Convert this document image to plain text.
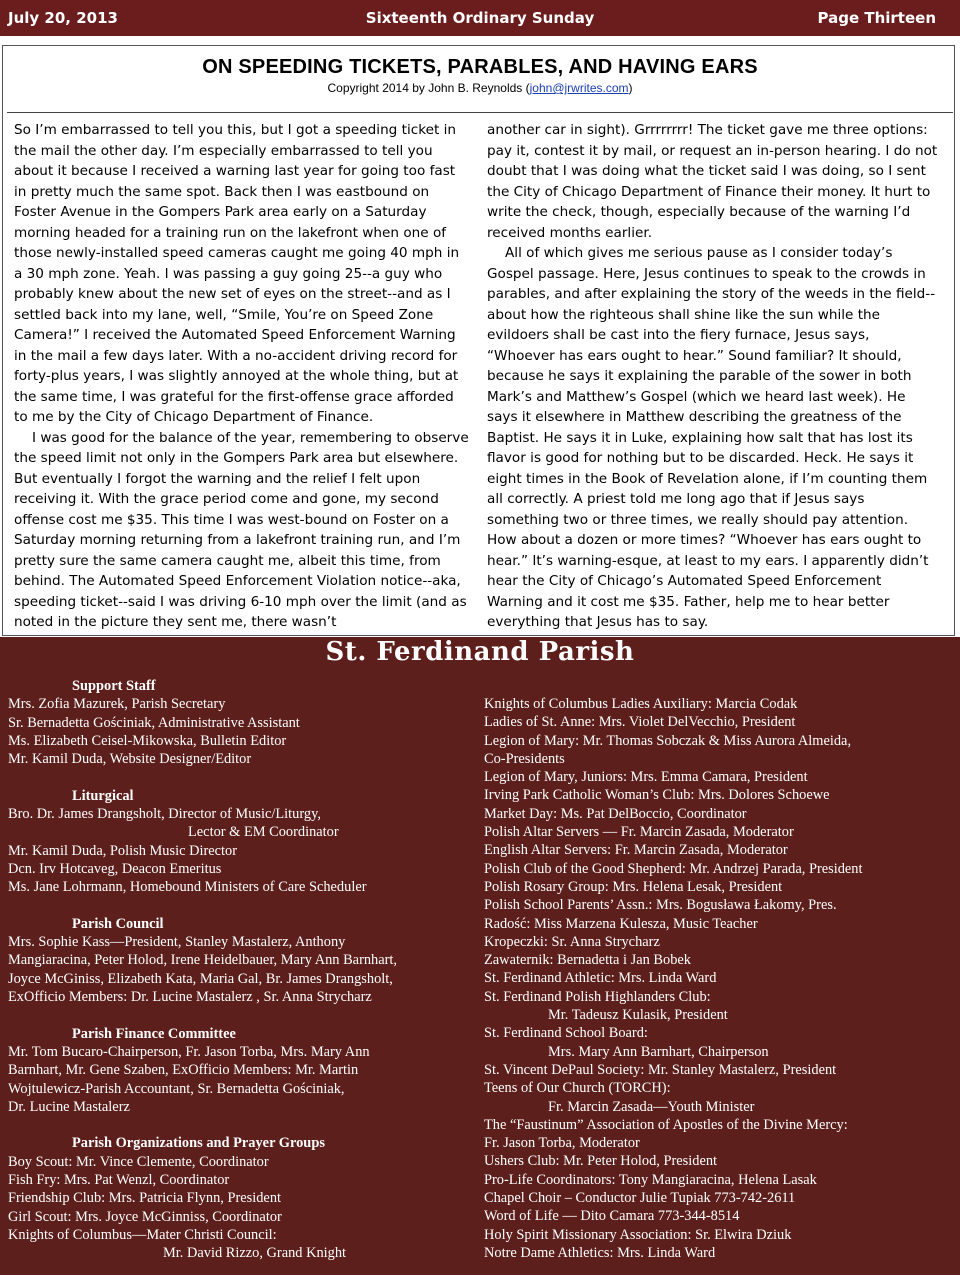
Sixteenth Ordinary Sunday
July 20, 2013	Page Thirteen
ON SPEEDING TICKETS, PARABLES, AND HAVING EARS
Copyright 2014 by John B. Reynolds (john@jrwrites.com)

So I’m embarrassed to tell you this, but I got a speeding ticket in the mail the other day. I’m especially embarrassed to tell you about it because I received a warning last year for going too fast in pretty much the same spot. Back then I was eastbound on Foster Avenue in the Gompers Park area early on a Saturday morning headed for a training run on the lakefront when one of those newly-installed speed cameras caught me going 40 mph in a 30 mph zone. Yeah. I was passing a guy going 25--a guy who probably knew about the new set of eyes on the street--and as I settled back into my lane, well, “Smile, You’re on Speed Zone Camera!” I received the Automated Speed Enforcement Warning in the mail a few days later. With a no-accident driving record for forty-plus years, I was slightly annoyed at the whole thing, but at the same time, I was grateful for the first-offense grace afforded to me by the City of Chicago Department of Finance.

I was good for the balance of the year, remembering to observe the speed limit not only in the Gompers Park area but elsewhere. But eventually I forgot the warning and the relief I felt upon receiving it. With the grace period come and gone, my second offense cost me $35. This time I was west-bound on Foster on a Saturday morning returning from a lakefront training run, and I’m pretty sure the same camera caught me, albeit this time, from behind. The Automated Speed Enforcement Violation notice--aka, speeding ticket--said I was driving 6-10 mph over the limit (and as noted in the picture they sent me, there wasn’t

another car in sight). Grrrrrrrr! The ticket gave me three options: pay it, contest it by mail, or request an in-person hearing. I do not doubt that I was doing what the ticket said I was doing, so I sent the City of Chicago Department of Finance their money. It hurt to write the check, though, especially because of the warning I’d received months earlier.

All of which gives me serious pause as I consider today’s Gospel passage. Here, Jesus continues to speak to the crowds in parables, and after explaining the story of the weeds in the field--about how the righteous shall shine like the sun while the evildoers shall be cast into the fiery furnace, Jesus says, “Whoever has ears ought to hear.” Sound familiar? It should, because he says it explaining the parable of the sower in both Mark’s and Matthew’s Gospel (which we heard last week). He says it elsewhere in Matthew describing the greatness of the Baptist. He says it in Luke, explaining how salt that has lost its flavor is good for nothing but to be discarded. Heck. He says it eight times in the Book of Revelation alone, if I’m counting them all correctly. A priest told me long ago that if Jesus says something two or three times, we really should pay attention. How about a dozen or more times? “Whoever has ears ought to hear.” It’s warning-esque, at least to my ears. I apparently didn’t hear the City of Chicago’s Automated Speed Enforcement Warning and it cost me $35. Father, help me to hear better everything that Jesus has to say.

St. Ferdinand Parish
Support Staff
Mrs. Zofia Mazurek, Parish Secretary
Sr. Bernadetta Gościniak, Administrative Assistant
Ms. Elizabeth Ceisel-Mikowska, Bulletin Editor
Mr. Kamil Duda, Website Designer/Editor
Liturgical
Bro. Dr. James Drangsholt, Director of Music/Liturgy,
Lector & EM Coordinator
Mr. Kamil Duda, Polish Music Director
Dcn. Irv Hotcaveg, Deacon Emeritus
Ms. Jane Lohrmann, Homebound Ministers of Care Scheduler
Parish Council
Mrs. Sophie Kass—President, Stanley Mastalerz, Anthony
Mangiaracina, Peter Holod, Irene Heidelbauer, Mary Ann Barnhart,
Joyce McGiniss, Elizabeth Kata, Maria Gal, Br. James Drangsholt,
ExOfficio Members: Dr. Lucine Mastalerz , Sr. Anna Strycharz
Parish Finance Committee
Mr. Tom Bucaro-Chairperson, Fr. Jason Torba, Mrs. Mary Ann
Barnhart, Mr. Gene Szaben, ExOfficio Members: Mr. Martin
Wojtulewicz-Parish Accountant, Sr. Bernadetta Gościniak,
Dr. Lucine Mastalerz
Parish Organizations and Prayer Groups
Boy Scout: Mr. Vince Clemente, Coordinator
Fish Fry: Mrs. Pat Wenzl, Coordinator
Friendship Club: Mrs. Patricia Flynn, President
Girl Scout: Mrs. Joyce McGinniss, Coordinator
Knights of Columbus—Mater Christi Council:
Mr. David Rizzo, Grand Knight
Knights of Columbus Ladies Auxiliary: Marcia Codak
Ladies of St. Anne: Mrs. Violet DelVecchio, President
Legion of Mary: Mr. Thomas Sobczak & Miss Aurora Almeida,
Co-Presidents
Legion of Mary, Juniors: Mrs. Emma Camara, President
Irving Park Catholic Woman’s Club: Mrs. Dolores Schoewe
Market Day: Ms. Pat DelBoccio, Coordinator
Polish Altar Servers — Fr. Marcin Zasada, Moderator
English Altar Servers: Fr. Marcin Zasada, Moderator
Polish Club of the Good Shepherd: Mr. Andrzej Parada, President
Polish Rosary Group: Mrs. Helena Lesak, President
Polish School Parents’ Assn.: Mrs. Bogusława Łakomy, Pres.
Radość: Miss Marzena Kulesza, Music Teacher
Kropeczki: Sr. Anna Strycharz
Zawaternik: Bernadetta i Jan Bobek
St. Ferdinand Athletic: Mrs. Linda Ward
St. Ferdinand Polish Highlanders Club:
Mr. Tadeusz Kulasik, President
St. Ferdinand School Board:
Mrs. Mary Ann Barnhart, Chairperson
St. Vincent DePaul Society: Mr. Stanley Mastalerz, President
Teens of Our Church (TORCH):
Fr. Marcin Zasada—Youth Minister
The “Faustinum” Association of Apostles of the Divine Mercy:
Fr. Jason Torba, Moderator
Ushers Club: Mr. Peter Holod, President
Pro-Life Coordinators: Tony Mangiaracina, Helena Lasak
Chapel Choir – Conductor Julie Tupiak 773-742-2611
Word of Life — Dito Camara 773-344-8514
Holy Spirit Missionary Association: Sr. Elwira Dziuk
Notre Dame Athletics: Mrs. Linda Ward
